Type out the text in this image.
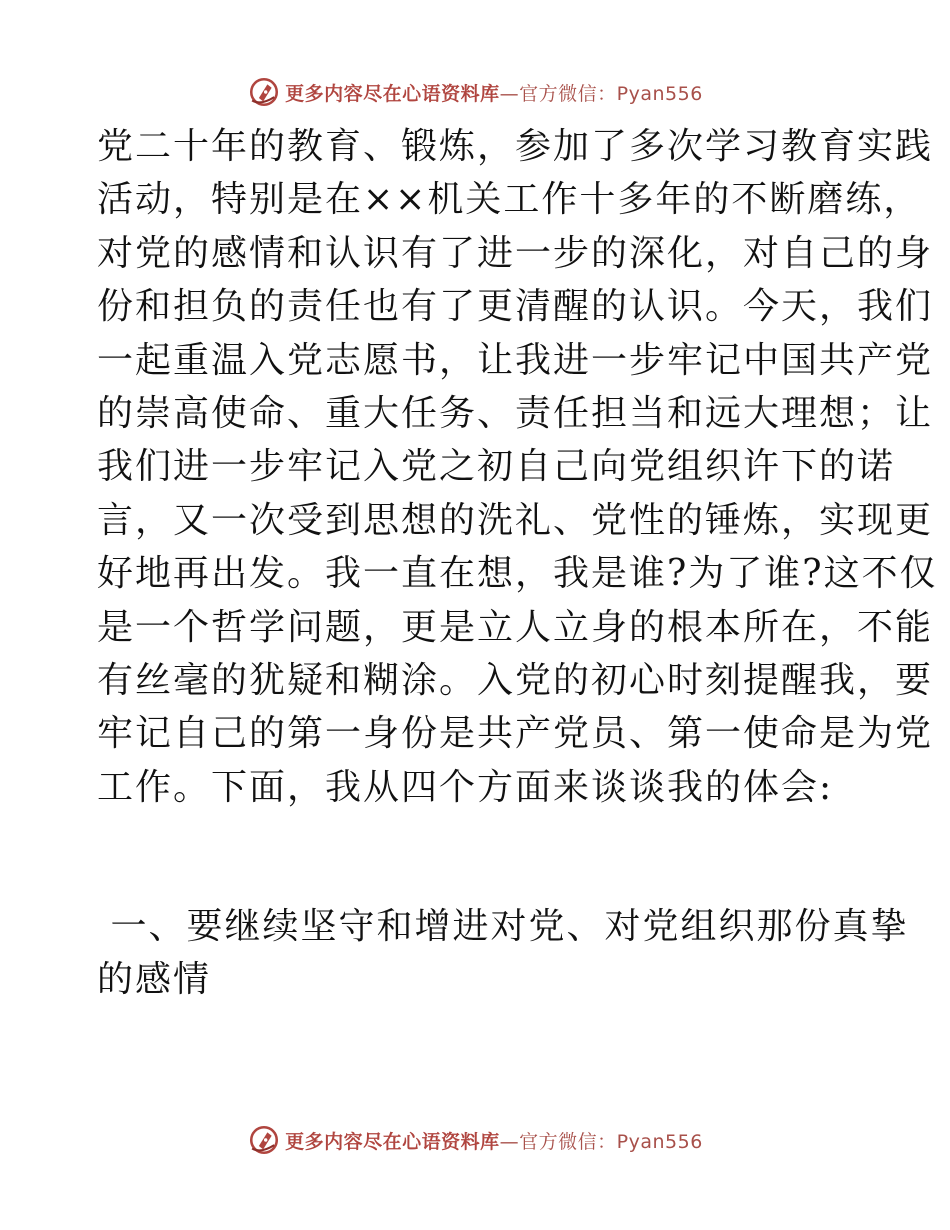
更多内容尽在心语资料库—官方微信：Pyan556
党二十年的教育、锻炼，参加了多次学习教育实践
活动，特别是在××机关工作十多年的不断磨练，
对党的感情和认识有了进一步的深化，对自己的身
份和担负的责任也有了更清醒的认识。今天，我们
一起重温入党志愿书，让我进一步牢记中国共产党
的崇高使命、重大任务、责任担当和远大理想；让
我们进一步牢记入党之初自己向党组织许下的诺
言，又一次受到思想的洗礼、党性的锤炼，实现更
好地再出发。我一直在想，我是谁?为了谁?这不仅
是一个哲学问题，更是立人立身的根本所在，不能
有丝毫的犹疑和糊涂。入党的初心时刻提醒我，要
牢记自己的第一身份是共产党员、第一使命是为党
工作。下面，我从四个方面来谈谈我的体会:
一、要继续坚守和增进对党、对党组织那份真挚
的感情
更多内容尽在心语资料库—官方微信：Pyan556
